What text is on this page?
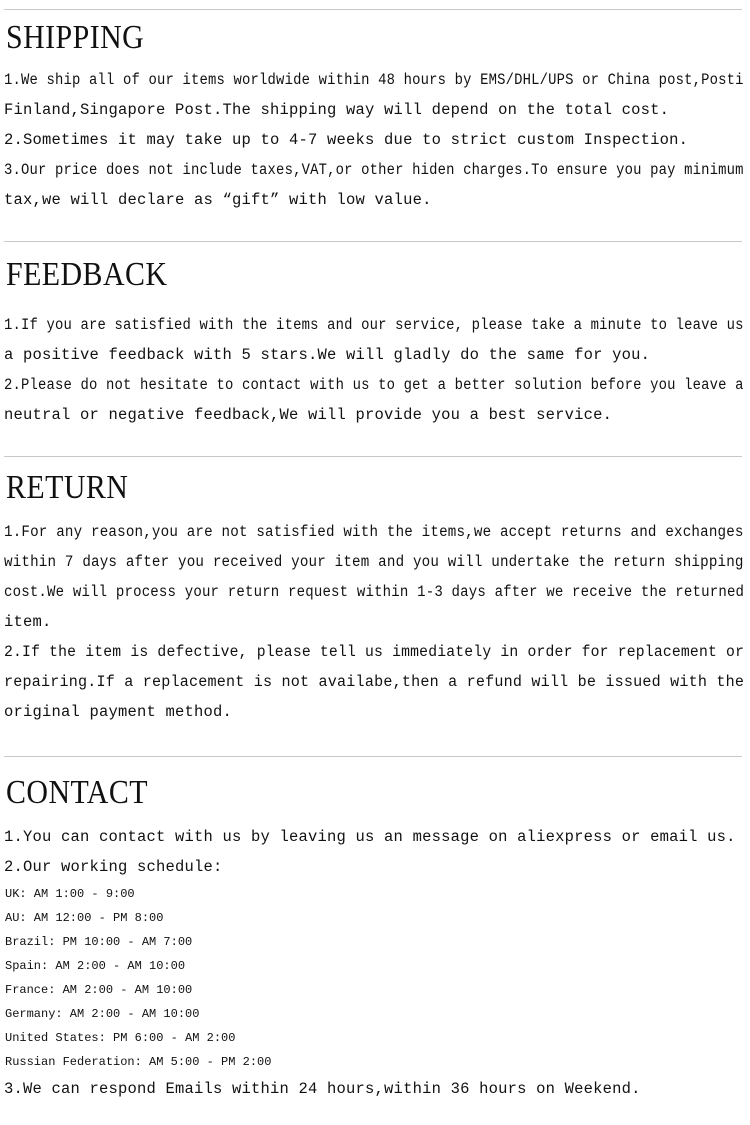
SHIPPING

1.We ship all of our items worldwide within 48 hours by EMS/DHL/UPS or China post,Posti

Finland,Singapore Post.The shipping way will depend on the total cost.

2.Sometimes it may take up to 4-7 weeks due to strict custom Inspection.

3.Our price does not include taxes,VAT,or other hiden charges.To ensure you pay minimum

tax,we will declare as “gift” with low value.

FEEDBACK

1.If you are satisfied with the items and our service, please take a minute to leave us

a positive feedback with 5 stars.We will gladly do the same for you.

2.Please do not hesitate to contact with us to get a better solution before you leave a

neutral or negative feedback,We will provide you a best service.

RETURN

1.For any reason,you are not satisfied with the items,we accept returns and exchanges

within 7 days after you received your item and you will undertake the return shipping

cost.We will process your return request within 1-3 days after we receive the returned

item.

2.If the item is defective, please tell us immediately in order for replacement or

repairing.If a replacement is not availabe,then a refund will be issued with the

original payment method.

CONTACT

1.You can contact with us by leaving us an message on aliexpress or email us.

2.Our working schedule:

UK: AM 1:00 - 9:00

AU: AM 12:00 - PM 8:00

Brazil: PM 10:00 - AM 7:00

Spain: AM 2:00 - AM 10:00

France: AM 2:00 - AM 10:00

Germany: AM 2:00 - AM 10:00

United States: PM 6:00 - AM 2:00

Russian Federation: AM 5:00 - PM 2:00

3.We can respond Emails within 24 hours,within 36 hours on Weekend.
